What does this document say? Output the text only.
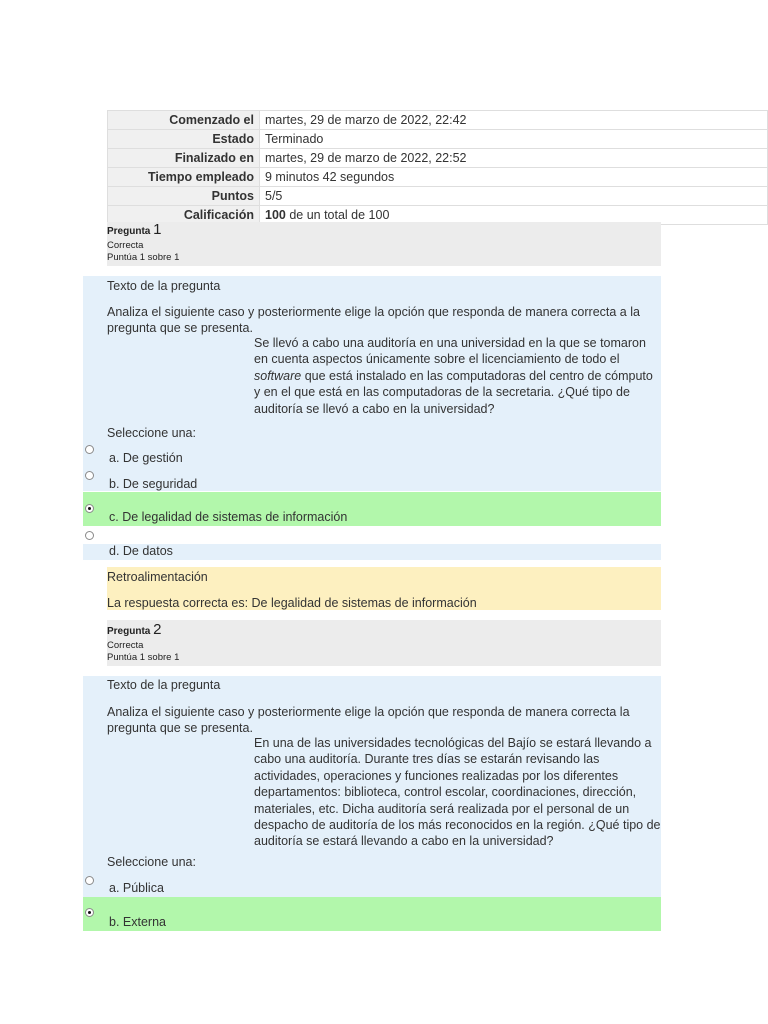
Comenzado el	martes, 29 de marzo de 2022, 22:42
Estado	Terminado
Finalizado en	martes, 29 de marzo de 2022, 22:52
Tiempo empleado	9 minutos 42 segundos
Puntos	5/5
Calificación	100 de un total de 100
Pregunta 1
Correcta
Puntúa 1 sobre 1
Texto de la pregunta
Analiza el siguiente caso y posteriormente elige la opción que responda de manera correcta a la pregunta que se presenta.
Se llevó a cabo una auditoría en una universidad en la que se tomaron en cuenta aspectos únicamente sobre el licenciamiento de todo el software que está instalado en las computadoras del centro de cómputo y en el que está en las computadoras de la secretaria. ¿Qué tipo de auditoría se llevó a cabo en la universidad?
Seleccione una:
a. De gestión
b. De seguridad
c. De legalidad de sistemas de información
d. De datos
Retroalimentación
La respuesta correcta es: De legalidad de sistemas de información
Pregunta 2
Correcta
Puntúa 1 sobre 1
Texto de la pregunta
Analiza el siguiente caso y posteriormente elige la opción que responda de manera correcta la pregunta que se presenta.
En una de las universidades tecnológicas del Bajío se estará llevando a cabo una auditoría. Durante tres días se estarán revisando las actividades, operaciones y funciones realizadas por los diferentes departamentos: biblioteca, control escolar, coordinaciones, dirección, materiales, etc. Dicha auditoría será realizada por el personal de un despacho de auditoría de los más reconocidos en la región. ¿Qué tipo de auditoría se estará llevando a cabo en la universidad?
Seleccione una:
a. Pública
b. Externa
